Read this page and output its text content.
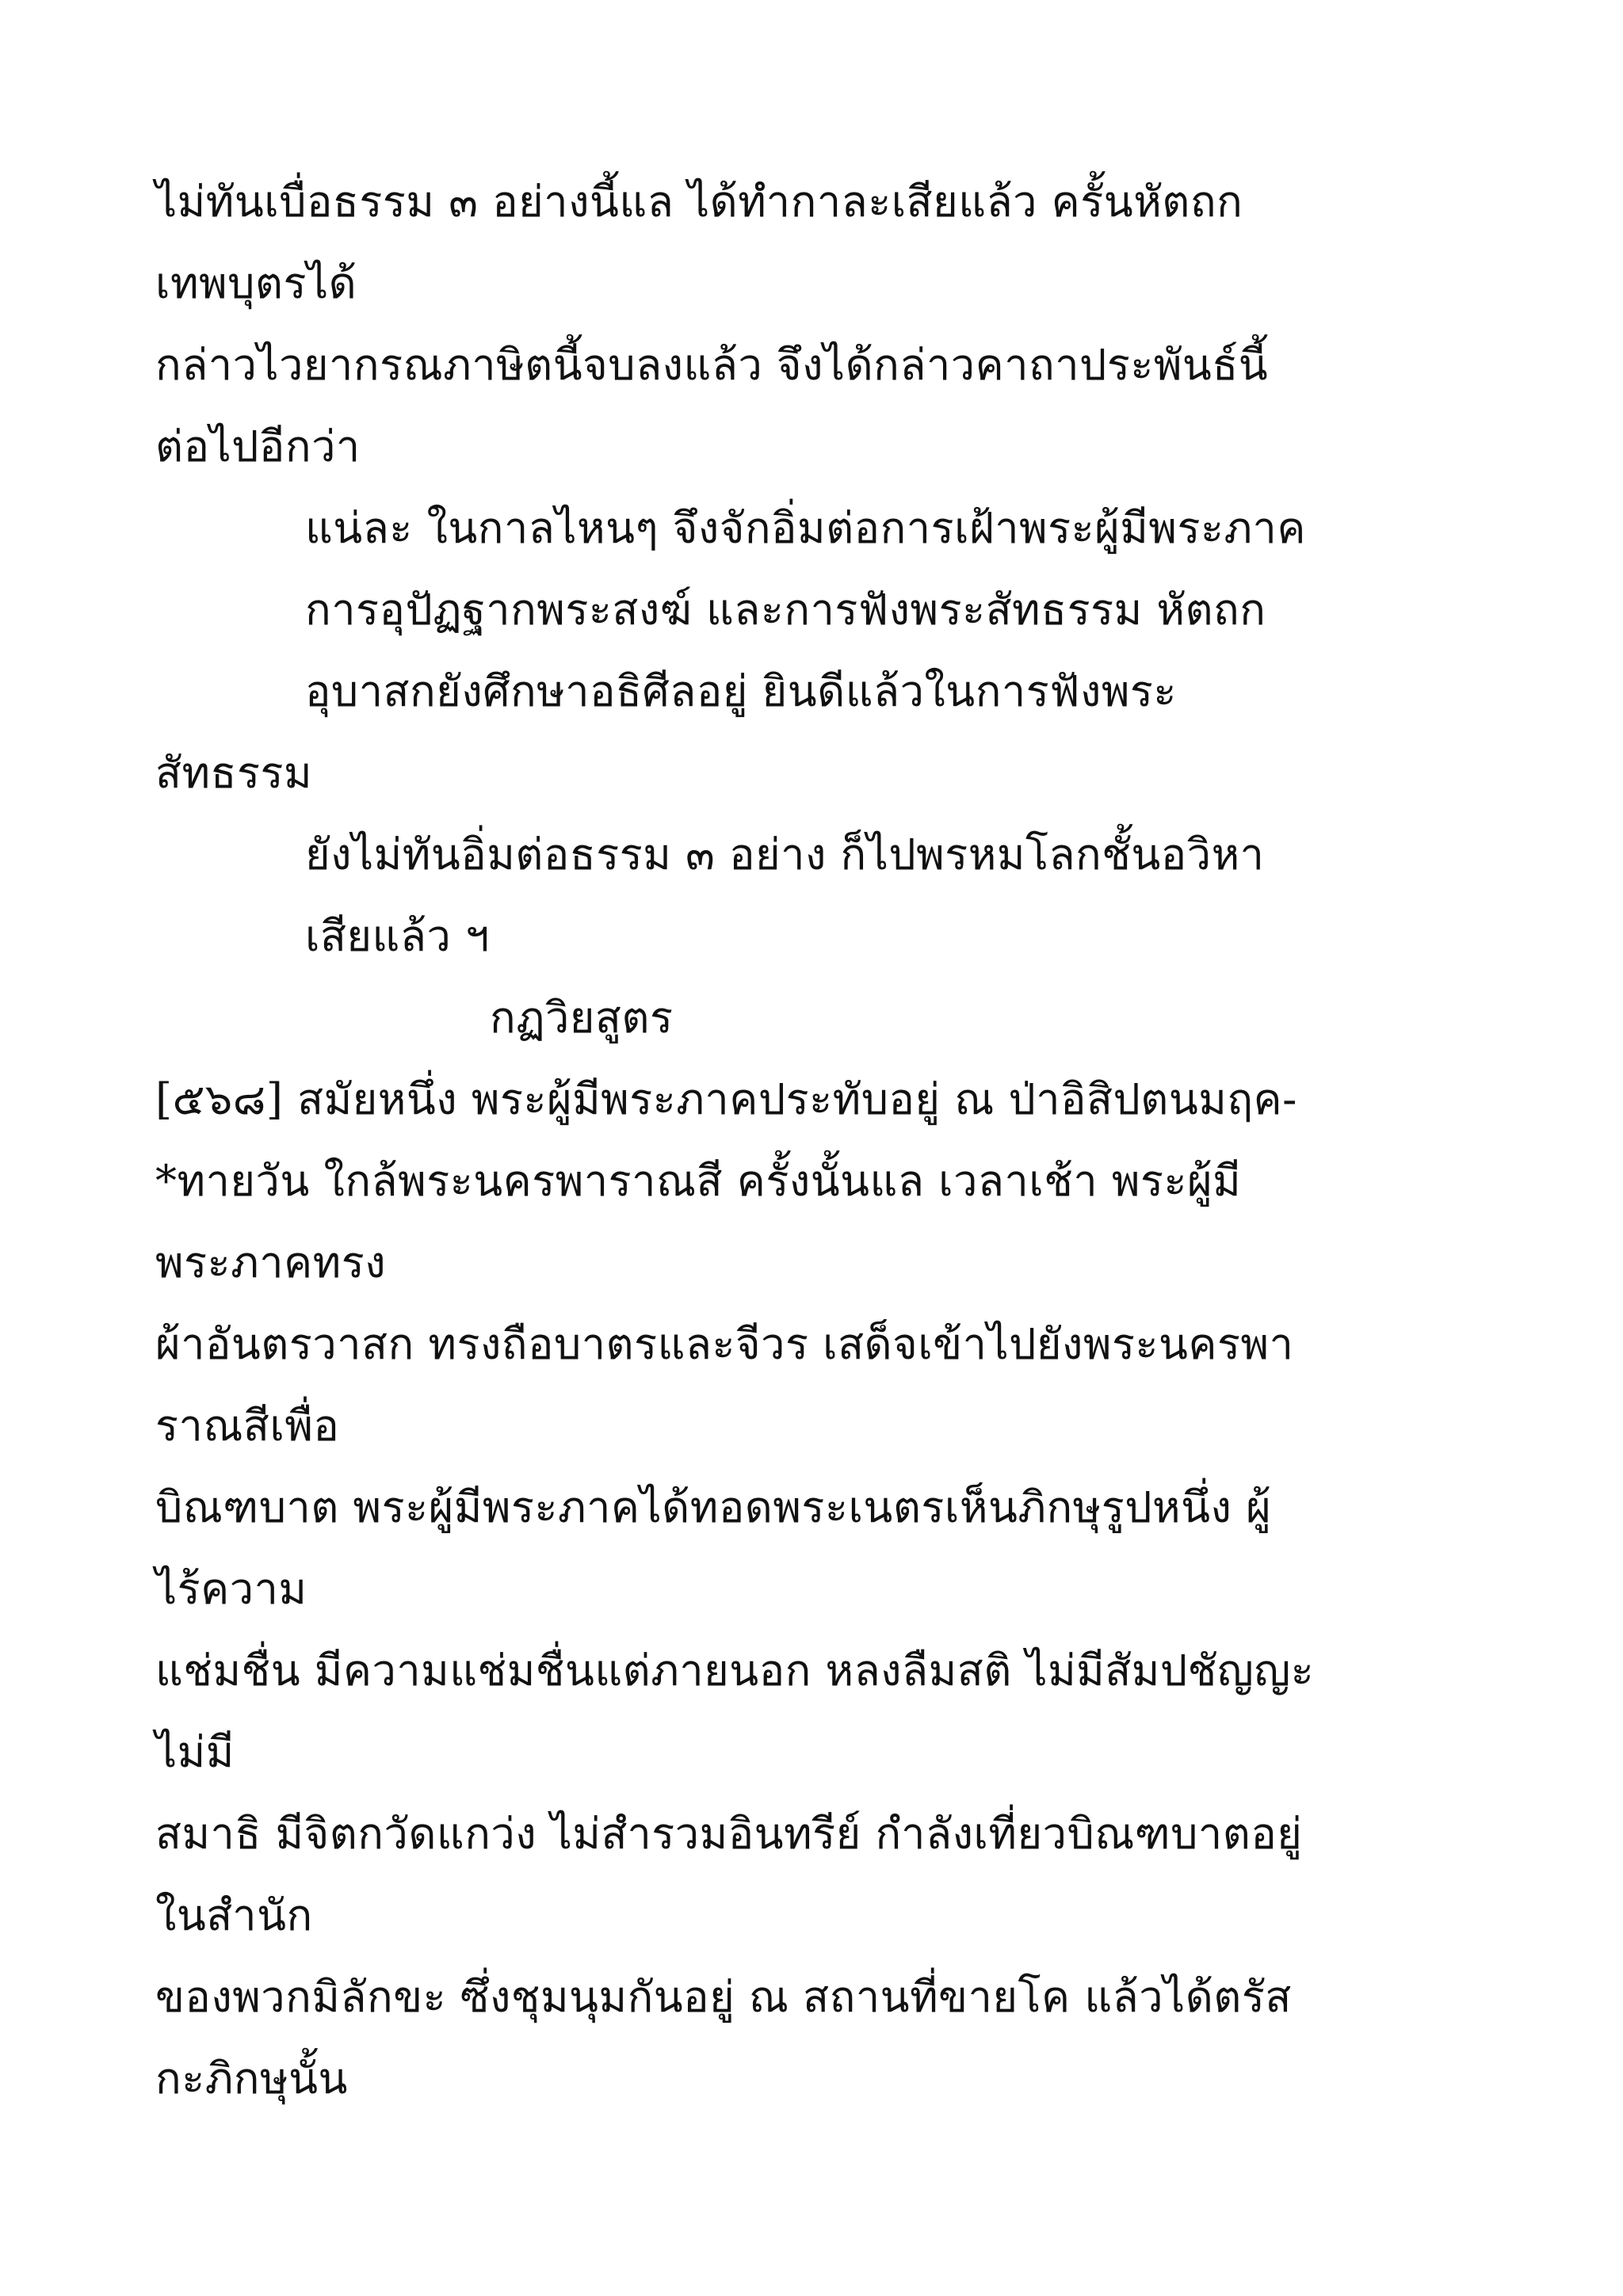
ไม่ทันเบื่อธรรม ๓ อย่างนี้แล ได้ทำกาละเสียแล้ว ครั้นหัตถก
เทพบุตรได้
กล่าวไวยากรณภาษิตนี้จบลงแล้ว จึงได้กล่าวคาถาประพันธ์นี้
ต่อไปอีกว่า
แน่ละ ในกาลไหนๆ จึงจักอิ่มต่อการเฝ้าพระผู้มีพระภาค
การอุปัฏฐากพระสงฆ์ และการฟังพระสัทธรรม หัตถก
อุบาสกยังศึกษาอธิศีลอยู่ ยินดีแล้วในการฟังพระ
สัทธรรม
ยังไม่ทันอิ่มต่อธรรม ๓ อย่าง ก็ไปพรหมโลกชั้นอวิหา
เสียแล้ว ฯ
กฏวิยสูตร
[๕๖๘] สมัยหนึ่ง พระผู้มีพระภาคประทับอยู่ ณ ป่าอิสิปตนมฤค-
*ทายวัน ใกล้พระนครพาราณสี ครั้งนั้นแล เวลาเช้า พระผู้มี
พระภาคทรง
ผ้าอันตรวาสก ทรงถือบาตรและจีวร เสด็จเข้าไปยังพระนครพา
ราณสีเพื่อ
บิณฑบาต พระผู้มีพระภาคได้ทอดพระเนตรเห็นภิกษุรูปหนึ่ง ผู้
ไร้ความ
แช่มชื่น มีความแช่มชื่นแต่ภายนอก หลงลืมสติ ไม่มีสัมปชัญญะ
ไม่มี
สมาธิ มีจิตกวัดแกว่ง ไม่สำรวมอินทรีย์ กำลังเที่ยวบิณฑบาตอยู่
ในสำนัก
ของพวกมิลักขะ ซึ่งชุมนุมกันอยู่ ณ สถานที่ขายโค แล้วได้ตรัส
กะภิกษุนั้น
